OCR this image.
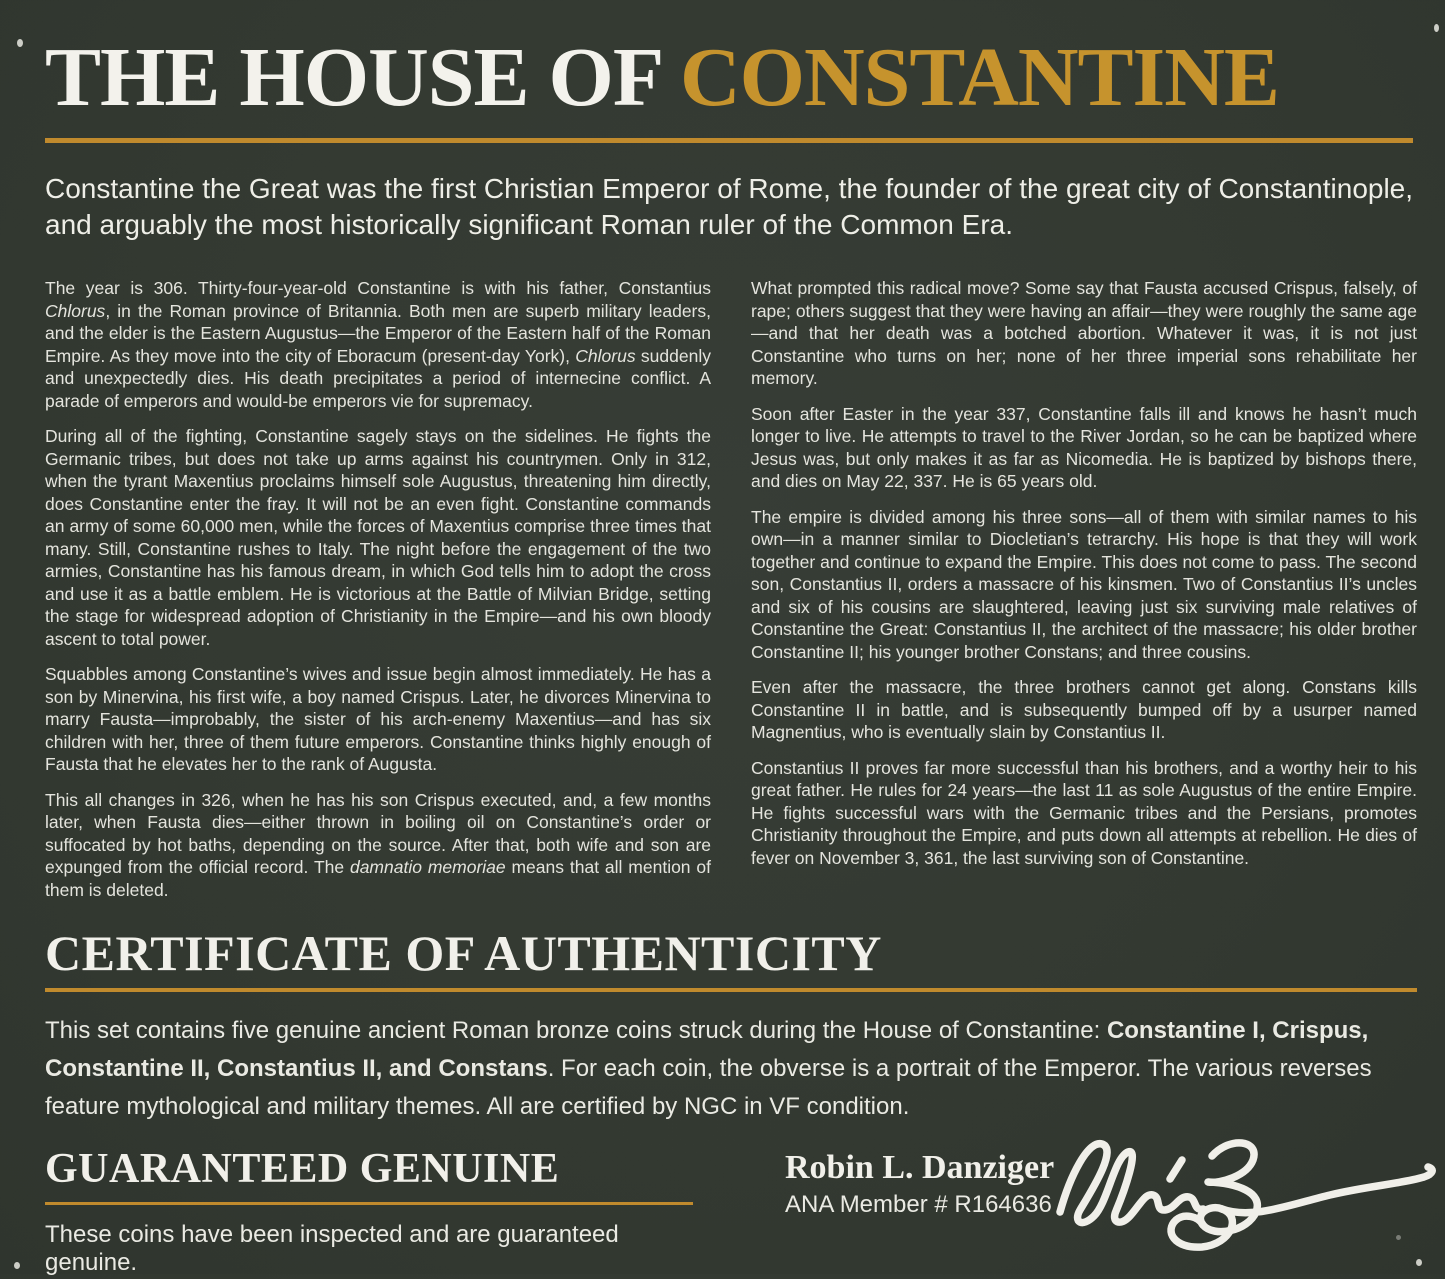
THE HOUSE OF CONSTANTINE
Constantine the Great was the first Christian Emperor of Rome, the founder of the great city of Constantinople, and arguably the most historically significant Roman ruler of the Common Era.

The year is 306. Thirty-four-year-old Constantine is with his father, Constantius Chlorus, in the Roman province of Britannia. Both men are superb military leaders, and the elder is the Eastern Augustus—the Emperor of the Eastern half of the Roman Empire. As they move into the city of Eboracum (present-day York), Chlorus suddenly and unexpectedly dies. His death precipitates a period of internecine conflict. A parade of emperors and would-be emperors vie for supremacy.

During all of the fighting, Constantine sagely stays on the sidelines. He fights the Germanic tribes, but does not take up arms against his countrymen. Only in 312, when the tyrant Maxentius proclaims himself sole Augustus, threatening him directly, does Constantine enter the fray. It will not be an even fight. Constantine commands an army of some 60,000 men, while the forces of Maxentius comprise three times that many. Still, Constantine rushes to Italy. The night before the engagement of the two armies, Constantine has his famous dream, in which God tells him to adopt the cross and use it as a battle emblem. He is victorious at the Battle of Milvian Bridge, setting the stage for widespread adoption of Christianity in the Empire—and his own bloody ascent to total power.

Squabbles among Constantine’s wives and issue begin almost immediately. He has a son by Minervina, his first wife, a boy named Crispus. Later, he divorces Minervina to marry Fausta—improbably, the sister of his arch-enemy Maxentius—and has six children with her, three of them future emperors. Constantine thinks highly enough of Fausta that he elevates her to the rank of Augusta.

This all changes in 326, when he has his son Crispus executed, and, a few months later, when Fausta dies—either thrown in boiling oil on Constantine’s order or suffocated by hot baths, depending on the source. After that, both wife and son are expunged from the official record. The damnatio memoriae means that all mention of them is deleted.

What prompted this radical move? Some say that Fausta accused Crispus, falsely, of rape; others suggest that they were having an affair—they were roughly the same age—and that her death was a botched abortion. Whatever it was, it is not just Constantine who turns on her; none of her three imperial sons rehabilitate her memory.

Soon after Easter in the year 337, Constantine falls ill and knows he hasn’t much longer to live. He attempts to travel to the River Jordan, so he can be baptized where Jesus was, but only makes it as far as Nicomedia. He is baptized by bishops there, and dies on May 22, 337. He is 65 years old.

The empire is divided among his three sons—all of them with similar names to his own—in a manner similar to Diocletian’s tetrarchy. His hope is that they will work together and continue to expand the Empire. This does not come to pass. The second son, Constantius II, orders a massacre of his kinsmen. Two of Constantius II’s uncles and six of his cousins are slaughtered, leaving just six surviving male relatives of Constantine the Great: Constantius II, the architect of the massacre; his older brother Constantine II; his younger brother Constans; and three cousins.

Even after the massacre, the three brothers cannot get along. Constans kills Constantine II in battle, and is subsequently bumped off by a usurper named Magnentius, who is eventually slain by Constantius II.

Constantius II proves far more successful than his brothers, and a worthy heir to his great father. He rules for 24 years—the last 11 as sole Augustus of the entire Empire. He fights successful wars with the Germanic tribes and the Persians, promotes Christianity throughout the Empire, and puts down all attempts at rebellion. He dies of fever on November 3, 361, the last surviving son of Constantine.

CERTIFICATE OF AUTHENTICITY

This set contains five genuine ancient Roman bronze coins struck during the House of Constantine: Constantine I, Crispus, Constantine II, Constantius II, and Constans. For each coin, the obverse is a portrait of the Emperor. The various reverses feature mythological and military themes. All are certified by NGC in VF condition.

GUARANTEED GENUINE
These coins have been inspected and are guaranteed genuine.
Robin L. Danziger
ANA Member # R164636
